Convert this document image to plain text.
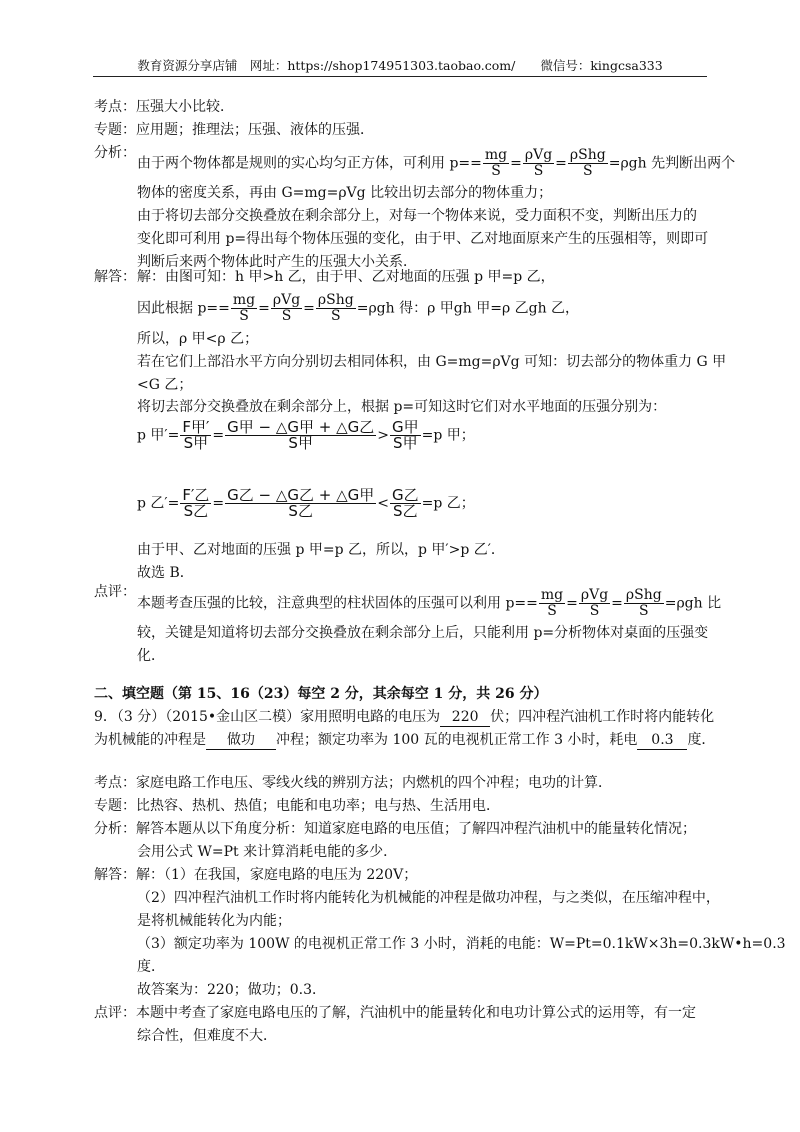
教育资源分享店铺　网址：https://shop174951303.taobao.com/　　微信号：kingcsa333
考点：压强大小比较．
专题：应用题；推理法；压强、液体的压强．
分析：
由于两个物体都是规则的实心均匀正方体，可利用 $p== \frac{mg}{S} = \frac{\text{ρVg}}{S} = \frac{\text{ρShg}}{S} =\rho gh$ 先判断出两个
物体的密度关系，再由 G=mg=ρVg 比较出切去部分的物体重力；
由于将切去部分交换叠放在剩余部分上，对每一个物体来说，受力面积不变，判断出压力的
变化即可利用 p=得出每个物体压强的变化，由于甲、乙对地面原来产生的压强相等，则即可
判断后来两个物体此时产生的压强大小关系．
解答： 解：由图可知：h 甲>h 乙，由于甲、乙对地面的压强 p 甲=p 乙，
因此根据 $p== \frac{mg}{S} = \frac{\text{ρVg}}{S} = \frac{\text{ρShg}}{S} =\rho gh$ 得：ρ 甲gh 甲=ρ 乙gh 乙，
所以，ρ 甲<ρ 乙；
若在它们上部沿水平方向分别切去相同体积，由 G=mg=ρVg 可知：切去部分的物体重力 G 甲
<G 乙；
将切去部分交换叠放在剩余部分上，根据 p=可知这时它们对水平地面的压强分别为：
p 甲′= $\frac{\text{F甲′}}{\text{S甲}} = \frac{\text{G甲 − △G甲 + △G乙}}{\text{S甲}} > \frac{\text{G甲}}{\text{S甲}} =p$ 甲；
p 乙′= $\frac{\text{F′乙}}{\text{S乙}} = \frac{\text{G乙 − △G乙 + △G甲}}{\text{S乙}} < \frac{\text{G乙}}{\text{S乙}} =p$ 乙；
由于甲、乙对地面的压强 p 甲=p 乙，所以，p 甲′>p 乙′．
故选 B．
点评：
本题考查压强的比较，注意典型的柱状固体的压强可以利用 $p== \frac{mg}{S} = \frac{\text{ρVg}}{S} = \frac{\text{ρShg}}{S} =\rho gh$ 比
较，关键是知道将切去部分交换叠放在剩余部分上后，只能利用 p=分析物体对桌面的压强变
化．
二、填空题（第 15、16（23）每空 2 分，其余每空 1 分，共 26 分）
9．（3 分）（2015•金山区二模）家用照明电路的电压为 220 伏；四冲程汽油机工作时将内能转化
为机械能的冲程是 做功 冲程；额定功率为 100 瓦的电视机正常工作 3 小时，耗电 0.3 度．
考点：家庭电路工作电压、零线火线的辨别方法；内燃机的四个冲程；电功的计算．
专题：比热容、热机、热值；电能和电功率；电与热、生活用电．
分析：解答本题从以下角度分析：知道家庭电路的电压值；了解四冲程汽油机中的能量转化情况；
会用公式 W=Pt 来计算消耗电能的多少．
解答：解：（1）在我国，家庭电路的电压为 220V；
（2）四冲程汽油机工作时将内能转化为机械能的冲程是做功冲程，与之类似，在压缩冲程中，
是将机械能转化为内能；
（3）额定功率为 100W 的电视机正常工作 3 小时，消耗的电能：W=Pt=0.1kW×3h=0.3kW•h=0.3
度．
故答案为：220；做功；0.3．
点评：本题中考查了家庭电路电压的了解，汽油机中的能量转化和电功计算公式的运用等，有一定
综合性，但难度不大．
